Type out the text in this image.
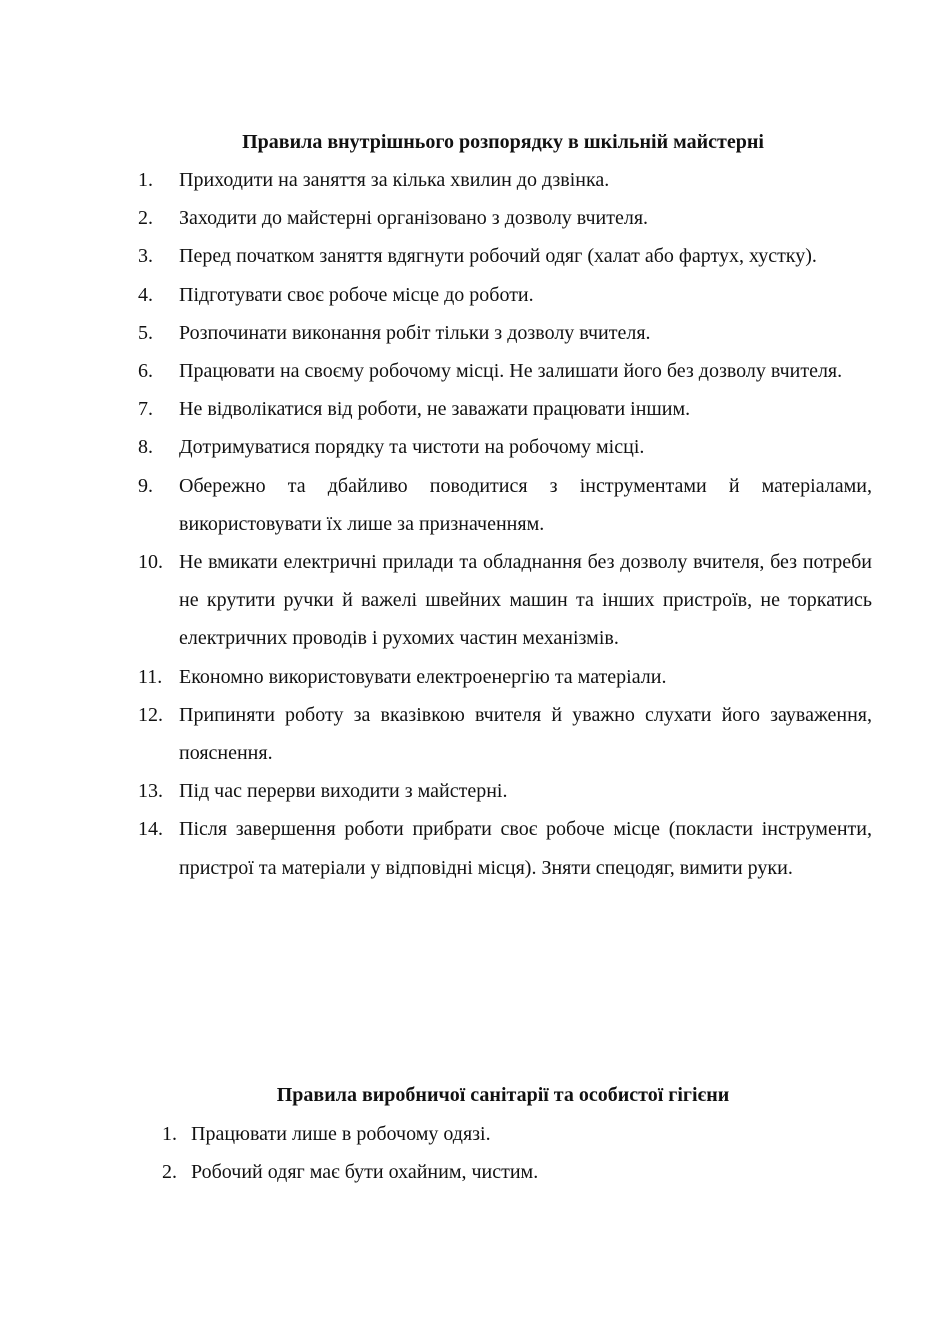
Правила внутрішнього розпорядку в шкільній майстерні
1. Приходити на заняття за кілька хвилин до дзвінка.
2. Заходити до майстерні організовано з дозволу вчителя.
3. Перед початком заняття вдягнути робочий одяг (халат або фартух, хустку).
4. Підготувати своє робоче місце до роботи.
5. Розпочинати виконання робіт тільки з дозволу вчителя.
6. Працювати на своєму робочому місці. Не залишати його без дозволу вчителя.
7. Не відволікатися від роботи, не заважати працювати іншим.
8. Дотримуватися порядку та чистоти на робочому місці.
9. Обережно та дбайливо поводитися з інструментами й матеріалами, використовувати їх лише за призначенням.
10. Не вмикати електричні прилади та обладнання без дозволу вчителя, без потреби не крутити ручки й важелі швейних машин та інших пристроїв, не торкатись електричних проводів і рухомих частин механізмів.
11. Економно використовувати електроенергію та матеріали.
12. Припиняти роботу за вказівкою вчителя й уважно слухати його зауваження, пояснення.
13. Під час перерви виходити з майстерні.
14. Після завершення роботи прибрати своє робоче місце (покласти інструменти, пристрої та матеріали у відповідні місця). Зняти спецодяг, вимити руки.
Правила виробничої санітарії та особистої гігієни
1. Працювати лише в робочому одязі.
2. Робочий одяг має бути охайним, чистим.
